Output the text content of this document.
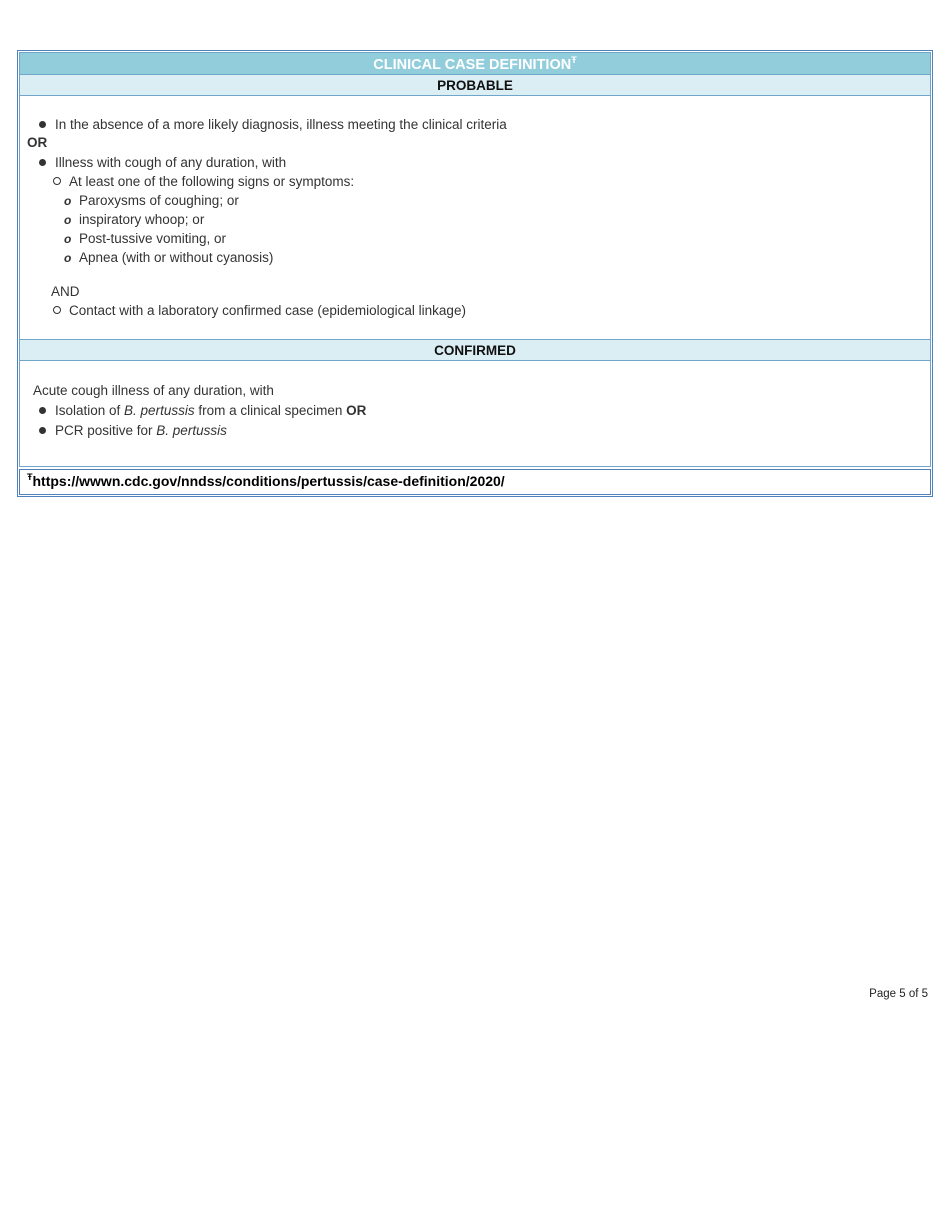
CLINICAL CASE $DEFINITION^Ŧ$
PROBABLE
In the absence of a more likely diagnosis, illness meeting the clinical criteria
OR
Illness with cough of any duration, with
At least one of the following signs or symptoms:
o Paroxysms of coughing; or
o inspiratory whoop; or
o Post-tussive vomiting, or
o Apnea (with or without cyanosis)
AND
Contact with a laboratory confirmed case (epidemiological linkage)
CONFIRMED
Acute cough illness of any duration, with
Isolation of B. pertussis from a clinical specimen OR
PCR positive for B. pertussis
$^Ŧ$https://wwwn.cdc.gov/nndss/conditions/pertussis/case-definition/2020/
Page 5 of 5
